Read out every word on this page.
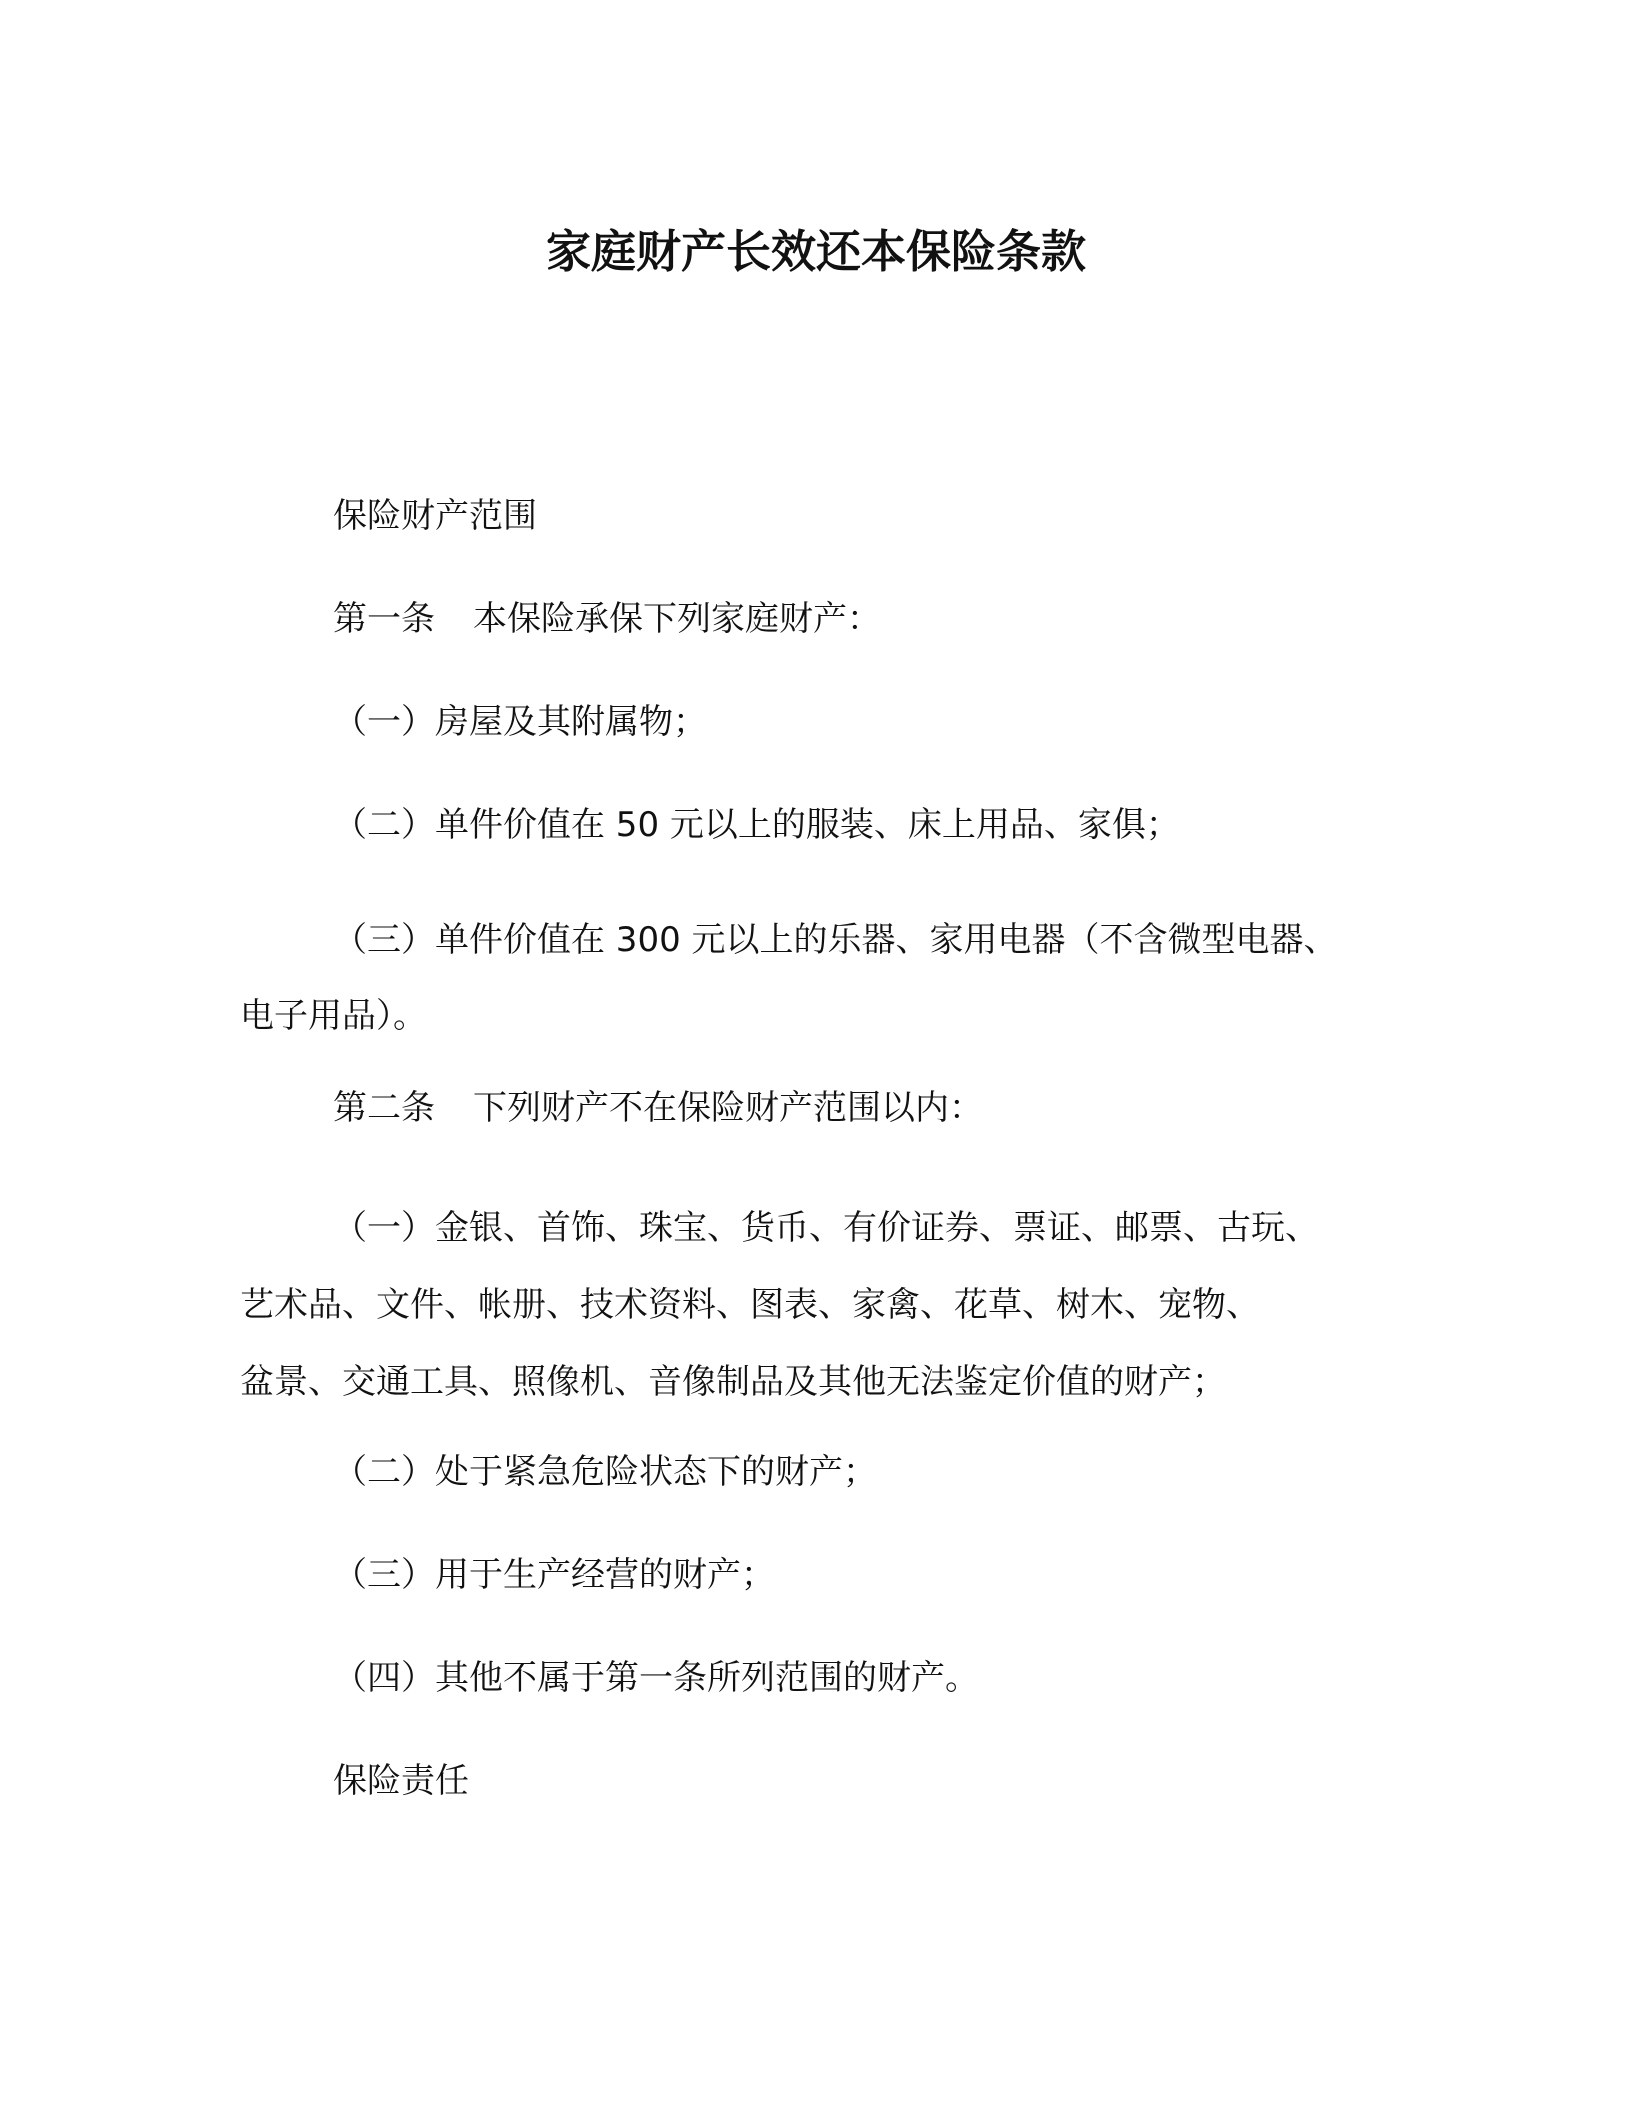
家庭财产长效还本保险条款

保险财产范围

第一条 本保险承保下列家庭财产：

（一）房屋及其附属物；

（二）单件价值在 50 元以上的服装、床上用品、家俱；

（三）单件价值在 300 元以上的乐器、家用电器（不含微型电器、
电子用品）。

第二条 下列财产不在保险财产范围以内：

（一）金银、首饰、珠宝、货币、有价证券、票证、邮票、古玩、
艺术品、文件、帐册、技术资料、图表、家禽、花草、树木、宠物、
盆景、交通工具、照像机、音像制品及其他无法鉴定价值的财产；

（二）处于紧急危险状态下的财产；

（三）用于生产经营的财产；

（四）其他不属于第一条所列范围的财产。

保险责任
